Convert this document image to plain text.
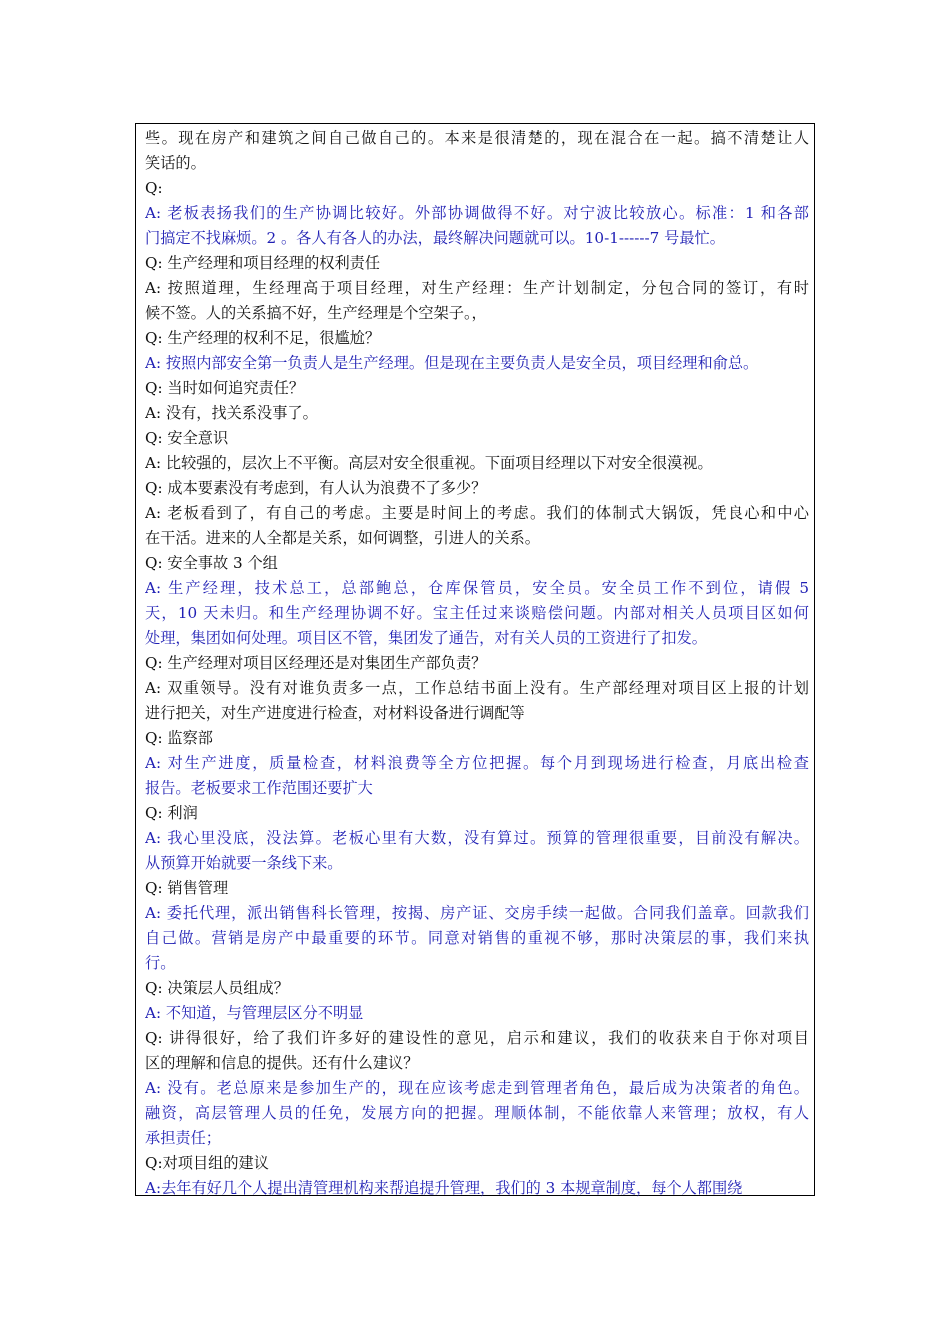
些。现在房产和建筑之间自己做自己的。本来是很清楚的，现在混合在一起。搞不清楚让人
笑话的。
Q:
A: 老板表扬我们的生产协调比较好。外部协调做得不好。对宁波比较放心。标准：1 和各部
门搞定不找麻烦。2 。各人有各人的办法，最终解决问题就可以。10-1------7 号最忙。
Q: 生产经理和项目经理的权利责任
A: 按照道理，生经理高于项目经理，对生产经理：生产计划制定，分包合同的签订，有时
候不签。人的关系搞不好，生产经理是个空架子。，
Q: 生产经理的权利不足，很尴尬？
A: 按照内部安全第一负责人是生产经理。但是现在主要负责人是安全员，项目经理和俞总。
Q: 当时如何追究责任？
A: 没有，找关系没事了。
Q: 安全意识
A: 比较强的，层次上不平衡。高层对安全很重视。下面项目经理以下对安全很漠视。
Q: 成本要素没有考虑到，有人认为浪费不了多少？
A: 老板看到了，有自己的考虑。主要是时间上的考虑。我们的体制式大锅饭，凭良心和中心
在干活。进来的人全都是关系，如何调整，引进人的关系。
Q: 安全事故 3 个组
A: 生产经理，技术总工，总部鲍总，仓库保管员，安全员。安全员工作不到位，请假 5
天，10 天未归。和生产经理协调不好。宝主任过来谈赔偿问题。内部对相关人员项目区如何
处理，集团如何处理。项目区不管，集团发了通告，对有关人员的工资进行了扣发。
Q: 生产经理对项目区经理还是对集团生产部负责？
A: 双重领导。没有对谁负责多一点，工作总结书面上没有。生产部经理对项目区上报的计划
进行把关，对生产进度进行检查，对材料设备进行调配等
Q: 监察部
A: 对生产进度，质量检查，材料浪费等全方位把握。每个月到现场进行检查，月底出检查
报告。老板要求工作范围还要扩大
Q: 利润
A: 我心里没底，没法算。老板心里有大数，没有算过。预算的管理很重要，目前没有解决。
从预算开始就要一条线下来。
Q: 销售管理
A: 委托代理，派出销售科长管理，按揭、房产证、交房手续一起做。合同我们盖章。回款我们
自己做。营销是房产中最重要的环节。同意对销售的重视不够，那时决策层的事，我们来执
行。
Q: 决策层人员组成？
A: 不知道，与管理层区分不明显
Q: 讲得很好，给了我们许多好的建设性的意见，启示和建议，我们的收获来自于你对项目
区的理解和信息的提供。还有什么建议？
A: 没有。老总原来是参加生产的，现在应该考虑走到管理者角色，最后成为决策者的角色。
融资，高层管理人员的任免，发展方向的把握。理顺体制，不能依靠人来管理；放权，有人
承担责任；
Q:对项目组的建议
A:去年有好几个人提出清管理机构来帮追提升管理，我们的 3 本规章制度，每个人都围绕
